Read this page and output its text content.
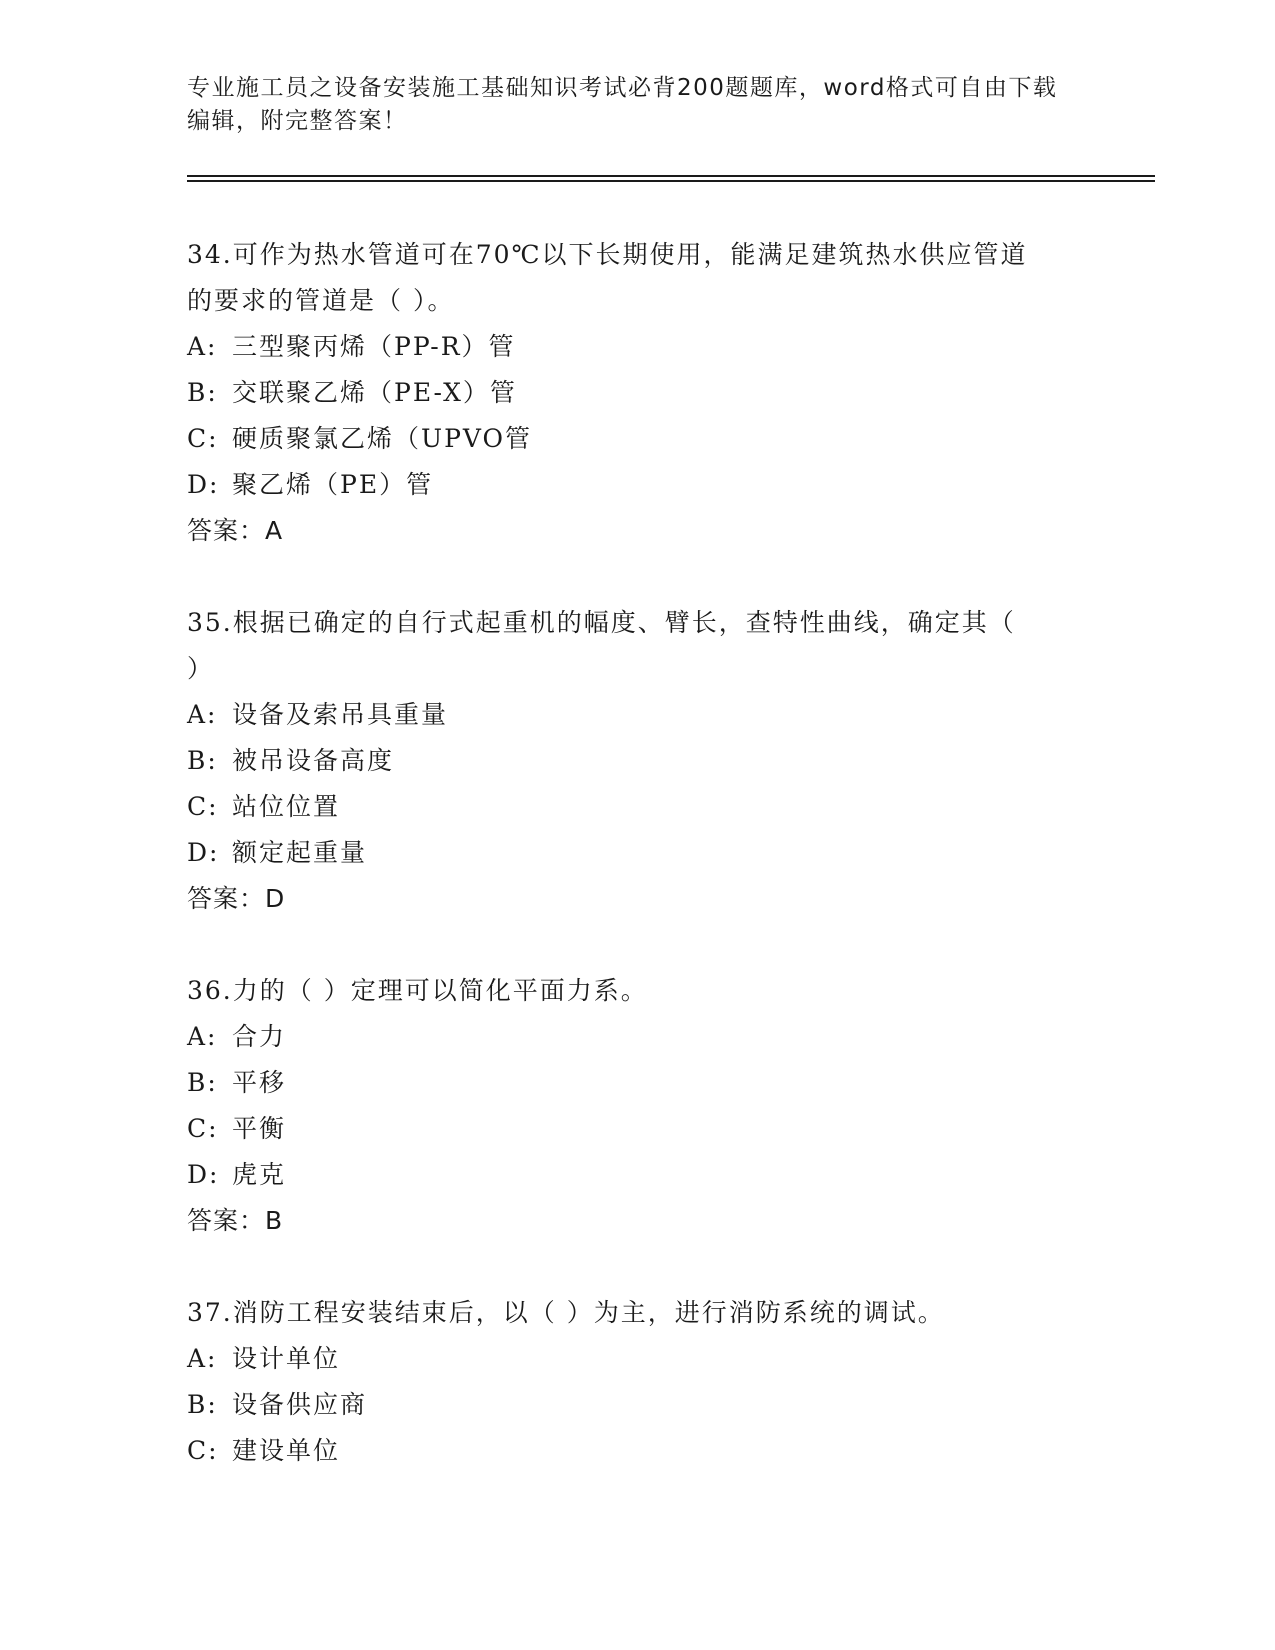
专业施工员之设备安装施工基础知识考试必背200题题库，word格式可自由下载
编辑，附完整答案！
34.可作为热水管道可在70℃以下长期使用，能满足建筑热水供应管道
的要求的管道是（ ）。
A: 三型聚丙烯（PP-R）管
B: 交联聚乙烯（PE-X）管
C: 硬质聚氯乙烯（UPVO管
D: 聚乙烯（PE）管
答案：A
35.根据已确定的自行式起重机的幅度、臂长，查特性曲线，确定其（
）
A: 设备及索吊具重量
B: 被吊设备高度
C: 站位位置
D: 额定起重量
答案：D
36.力的（ ）定理可以简化平面力系。
A: 合力
B: 平移
C: 平衡
D: 虎克
答案：B
37.消防工程安装结束后，以（ ）为主，进行消防系统的调试。
A: 设计单位
B: 设备供应商
C: 建设单位
